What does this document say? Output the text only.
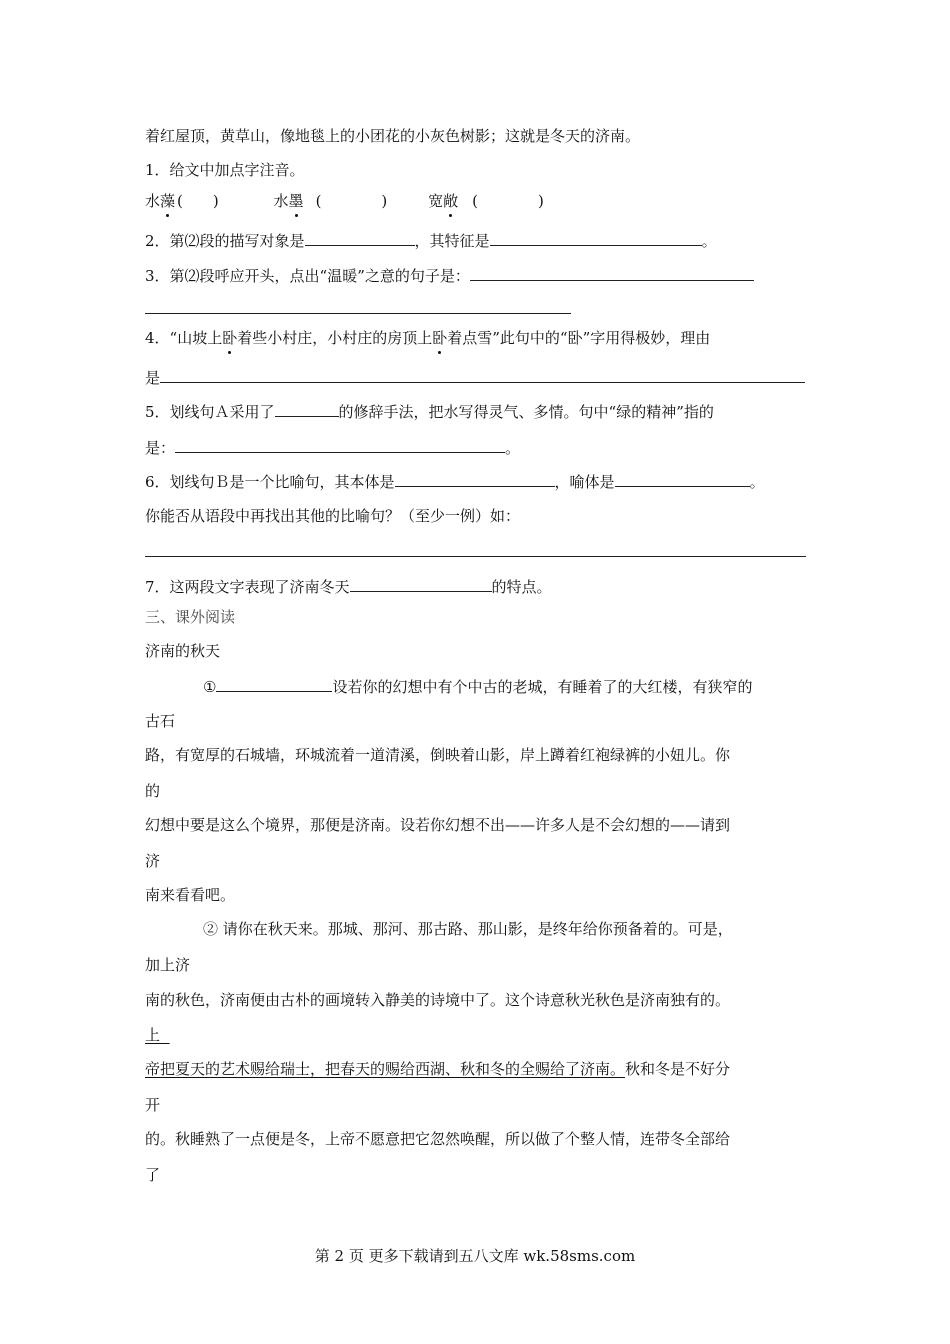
着红屋顶，黄草山，像地毯上的小团花的小灰色树影；这就是冬天的济南。
1．给文中加点字注音。
水藻 (　　)	水墨 (　　　　)	宽敞 (　　　　)
2．第⑵段的描写对象是	，其特征是	。
3．第⑵段呼应开头，点出“温暖”之意的句子是：
4．“山坡上卧着些小村庄，小村庄的房顶上卧着点雪”此句中的“卧”字用得极妙，理由
是
5．划线句Ａ采用了	的修辞手法，把水写得灵气、多情。句中“绿的精神”指的
是：	。
6．划线句Ｂ是一个比喻句，其本体是	，喻体是	。
你能否从语段中再找出其他的比喻句？（至少一例）如：
7．这两段文字表现了济南冬天	的特点。
三、课外阅读
济南的秋天
①	设若你的幻想中有个中古的老城，有睡着了的大红楼，有狭窄的
古石
路，有宽厚的石城墙，环城流着一道清溪，倒映着山影，岸上蹲着红袍绿裤的小妞儿。你
的
幻想中要是这么个境界，那便是济南。设若你幻想不出——许多人是不会幻想的——请到
济
南来看看吧。
② 请你在秋天来。那城、那河、那古路、那山影，是终年给你预备着的。可是，
加上济
南的秋色，济南便由古朴的画境转入静美的诗境中了。这个诗意秋光秋色是济南独有的。
上
帝把夏天的艺术赐给瑞士，把春天的赐给西湖、秋和冬的全赐给了济南。秋和冬是不好分
开
的。秋睡熟了一点便是冬，上帝不愿意把它忽然唤醒，所以做了个整人情，连带冬全部给
了
第 2 页 更多下载请到五八文库 wk.58sms.com
